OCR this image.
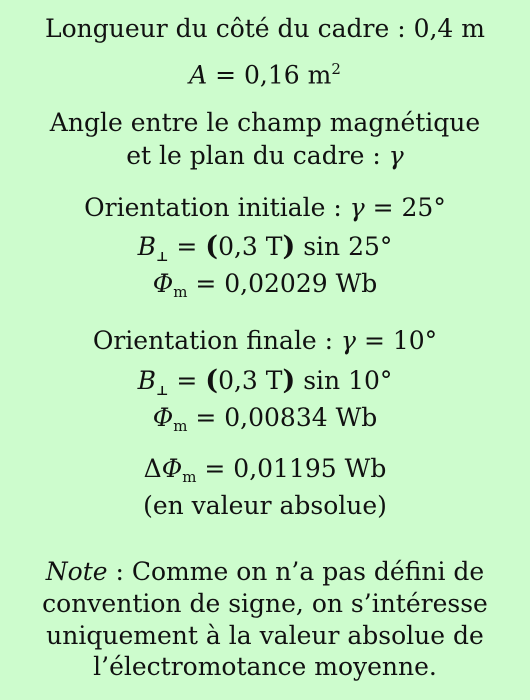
Longueur du côté du cadre : 0,4 m
A = 0,16 $m^2$
Angle entre le champ magnétique
et le plan du cadre : γ
Orientation initiale : γ = 25°
$B_\perp = (0,3$ T) sin 25°
$\Phi_m = 0,02029$ Wb
Orientation finale : γ = 10°
$B_\perp = (0,3$ T) sin 10°
$\Phi_m = 0,00834$ Wb
$\Delta\Phi_m = 0,01195$ Wb
(en valeur absolue)
Note : Comme on n’a pas défini de
convention de signe, on s’intéresse
uniquement à la valeur absolue de
l’électromotance moyenne.
